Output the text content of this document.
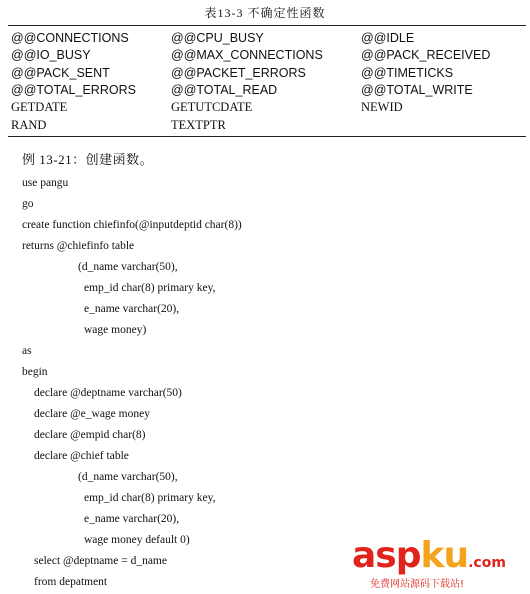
表13-3 不确定性函数
@@CONNECTIONS	@@CPU_BUSY	@@IDLE
@@IO_BUSY	@@MAX_CONNECTIONS	@@PACK_RECEIVED
@@PACK_SENT	@@PACKET_ERRORS	@@TIMETICKS
@@TOTAL_ERRORS	@@TOTAL_READ	@@TOTAL_WRITE
GETDATE	GETUTCDATE	NEWID
RAND	TEXTPTR
例 13-21：创建函数。
use pangu
go
create function chiefinfo(@inputdeptid char(8))
returns @chiefinfo table
(d_name varchar(50),
emp_id char(8) primary key,
e_name varchar(20),
wage money)
as
begin
declare @deptname varchar(50)
declare @e_wage money
declare @empid char(8)
declare @chief table
(d_name varchar(50),
emp_id char(8) primary key,
e_name varchar(20),
wage money default 0)
select @deptname = d_name
from depatment
aspku.com
免费网站源码下载站!
